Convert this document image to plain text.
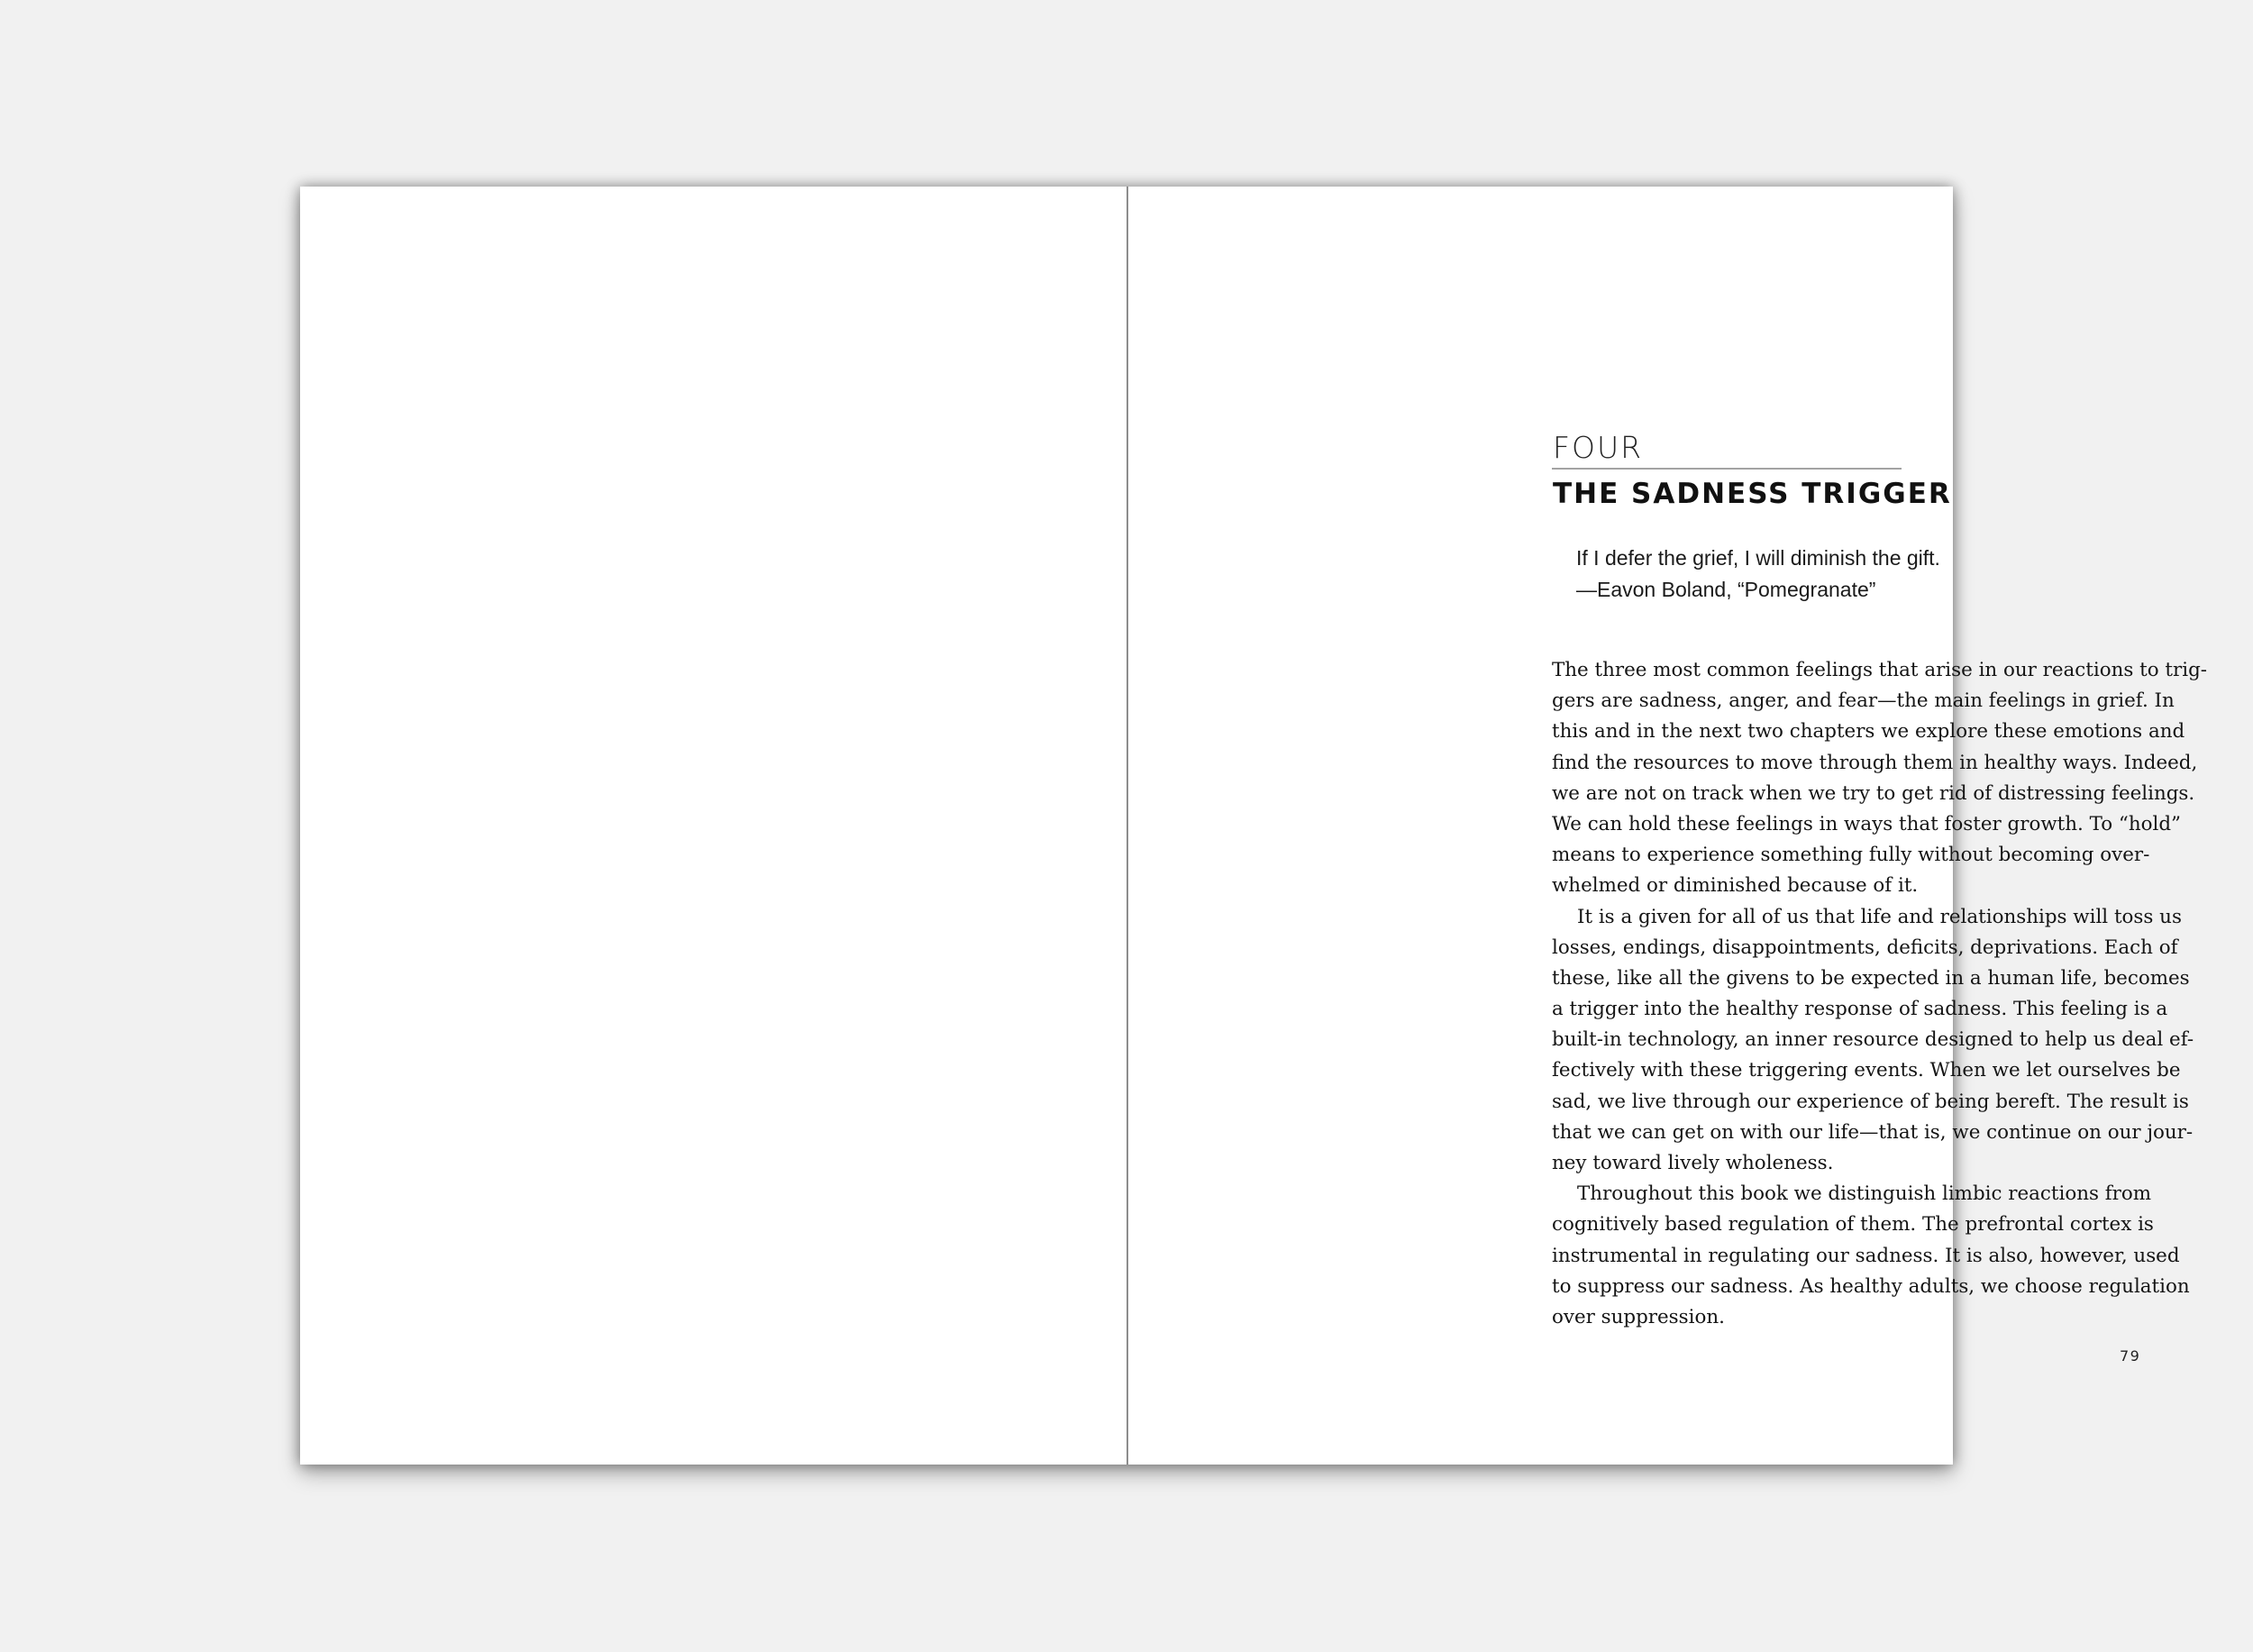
FOUR
THE SADNESS TRIGGER
If I defer the grief, I will diminish the gift.
—Eavon Boland, “Pomegranate”
The three most common feelings that arise in our reactions to trig-
gers are sadness, anger, and fear—the main feelings in grief. In
this and in the next two chapters we explore these emotions and
find the resources to move through them in healthy ways. Indeed,
we are not on track when we try to get rid of distressing feelings.
We can hold these feelings in ways that foster growth. To “hold”
means to experience something fully without becoming over-
whelmed or diminished because of it.
It is a given for all of us that life and relationships will toss us
losses, endings, disappointments, deficits, deprivations. Each of
these, like all the givens to be expected in a human life, becomes
a trigger into the healthy response of sadness. This feeling is a
built-in technology, an inner resource designed to help us deal ef-
fectively with these triggering events. When we let ourselves be
sad, we live through our experience of being bereft. The result is
that we can get on with our life—that is, we continue on our jour-
ney toward lively wholeness.
Throughout this book we distinguish limbic reactions from
cognitively based regulation of them. The prefrontal cortex is
instrumental in regulating our sadness. It is also, however, used
to suppress our sadness. As healthy adults, we choose regulation
over suppression.
79
